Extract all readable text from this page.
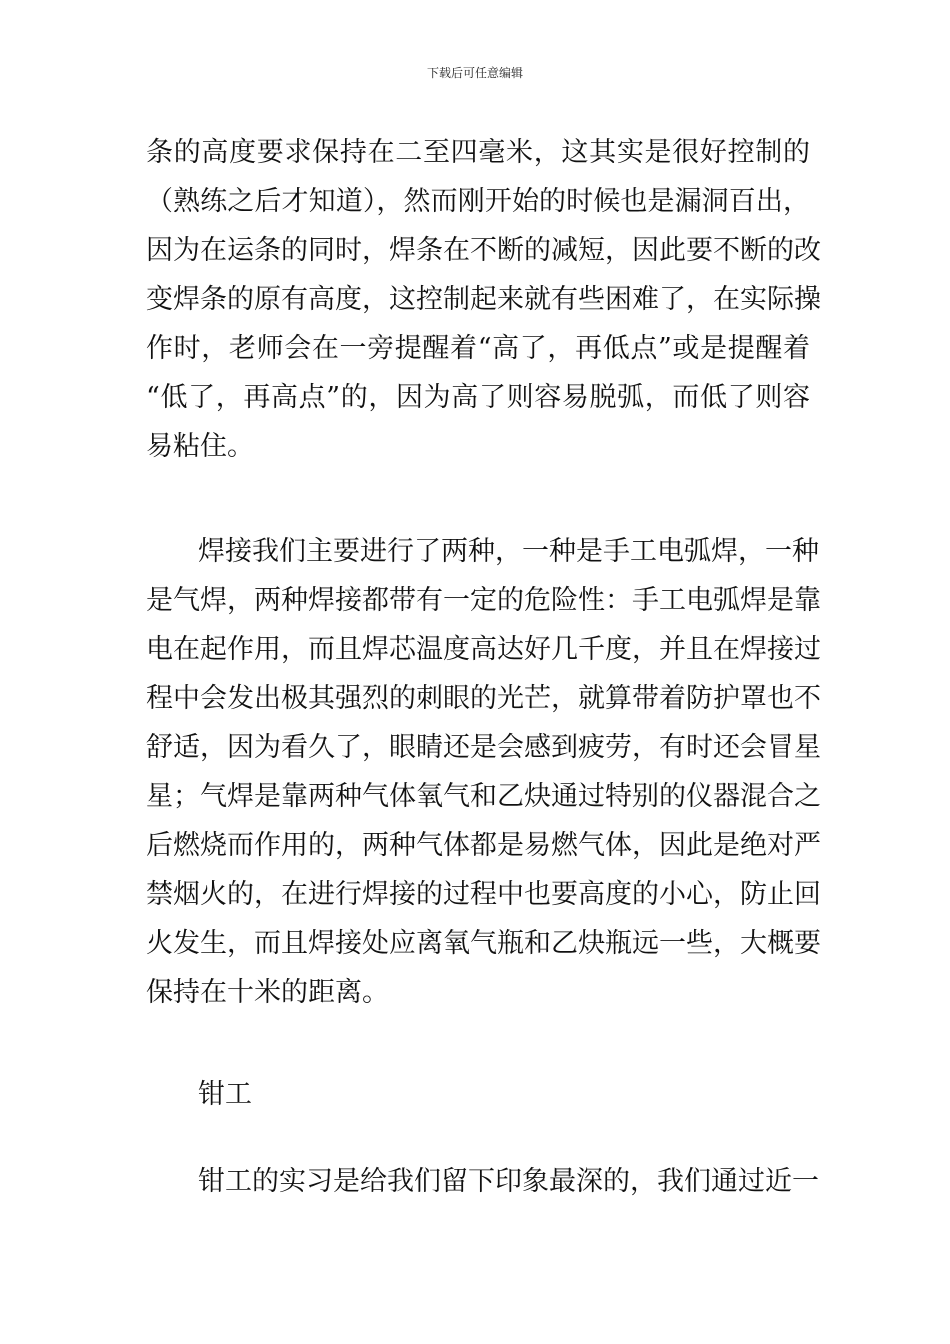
下载后可任意编辑
条的高度要求保持在二至四毫米，这其实是很好控制的
（熟练之后才知道），然而刚开始的时候也是漏洞百出，
因为在运条的同时，焊条在不断的减短，因此要不断的改
变焊条的原有高度，这控制起来就有些困难了，在实际操
作时，老师会在一旁提醒着“高了，再低点”或是提醒着
“低了，再高点”的，因为高了则容易脱弧，而低了则容
易粘住。
焊接我们主要进行了两种，一种是手工电弧焊，一种
是气焊，两种焊接都带有一定的危险性：手工电弧焊是靠
电在起作用，而且焊芯温度高达好几千度，并且在焊接过
程中会发出极其强烈的刺眼的光芒，就算带着防护罩也不
舒适，因为看久了，眼睛还是会感到疲劳，有时还会冒星
星；气焊是靠两种气体氧气和乙炔通过特别的仪器混合之
后燃烧而作用的，两种气体都是易燃气体，因此是绝对严
禁烟火的，在进行焊接的过程中也要高度的小心，防止回
火发生，而且焊接处应离氧气瓶和乙炔瓶远一些，大概要
保持在十米的距离。
钳工
钳工的实习是给我们留下印象最深的，我们通过近一
